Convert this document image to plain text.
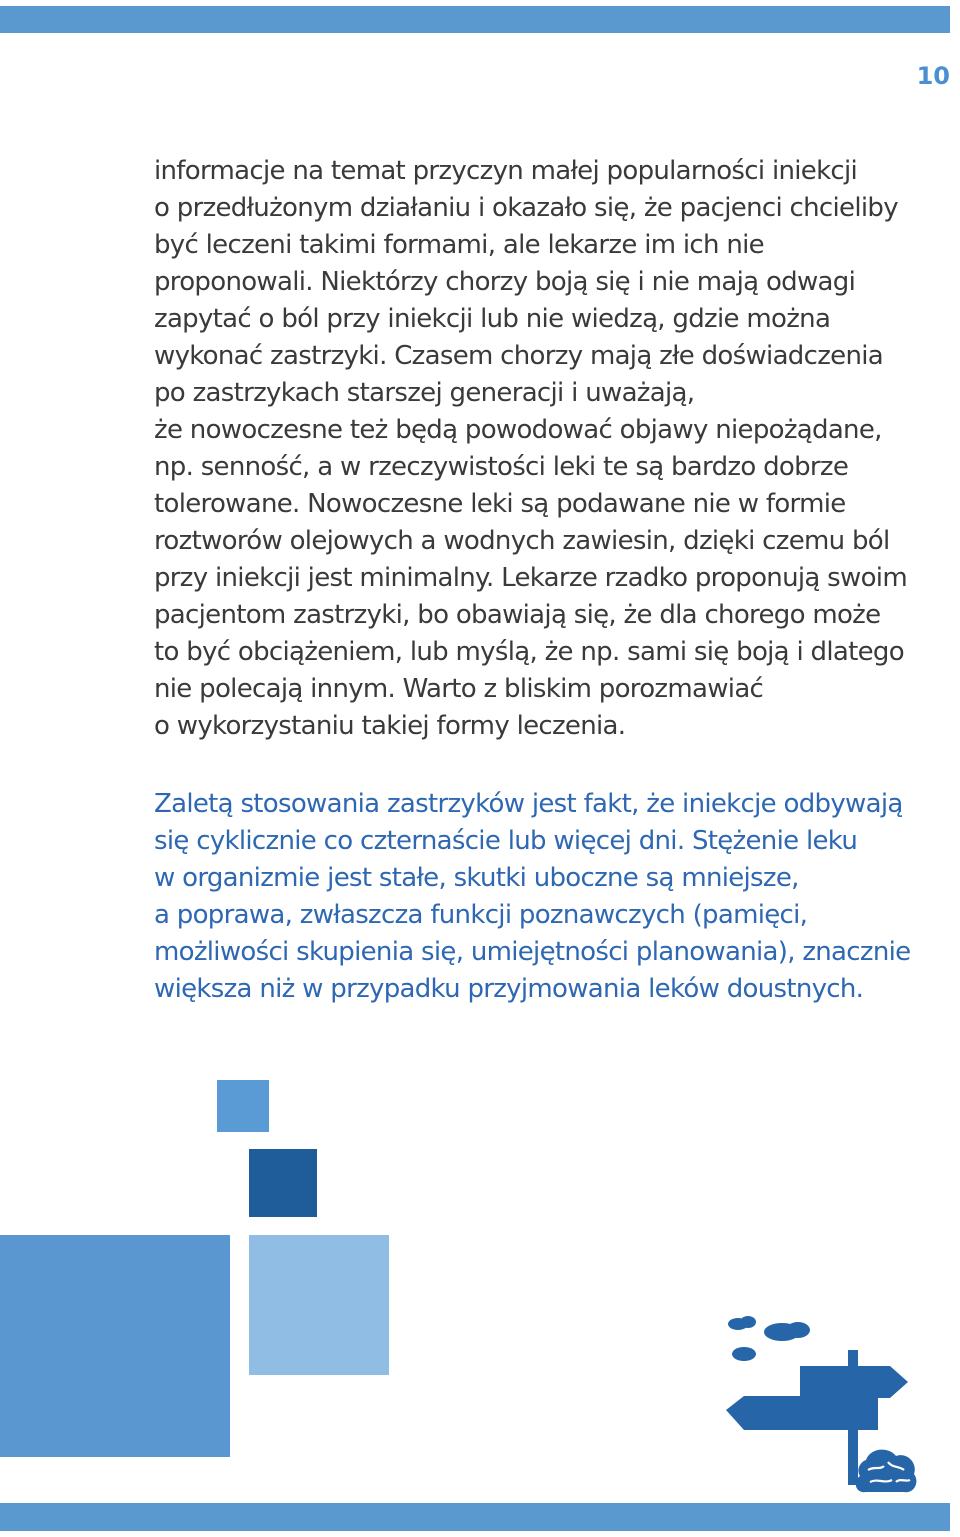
10

informacje na temat przyczyn małej popularności iniekcji
o przedłużonym działaniu i okazało się, że pacjenci chcieliby
być leczeni takimi formami, ale lekarze im ich nie
proponowali. Niektórzy chorzy boją się i nie mają odwagi
zapytać o ból przy iniekcji lub nie wiedzą, gdzie można
wykonać zastrzyki. Czasem chorzy mają złe doświadczenia
po zastrzykach starszej generacji i uważają,
że nowoczesne też będą powodować objawy niepożądane,
np. senność, a w rzeczywistości leki te są bardzo dobrze
tolerowane. Nowoczesne leki są podawane nie w formie
roztworów olejowych a wodnych zawiesin, dzięki czemu ból
przy iniekcji jest minimalny. Lekarze rzadko proponują swoim
pacjentom zastrzyki, bo obawiają się, że dla chorego może
to być obciążeniem, lub myślą, że np. sami się boją i dlatego
nie polecają innym. Warto z bliskim porozmawiać
o wykorzystaniu takiej formy leczenia.

Zaletą stosowania zastrzyków jest fakt, że iniekcje odbywają
się cyklicznie co czternaście lub więcej dni. Stężenie leku
w organizmie jest stałe, skutki uboczne są mniejsze,
a poprawa, zwłaszcza funkcji poznawczych (pamięci,
możliwości skupienia się, umiejętności planowania), znacznie
większa niż w przypadku przyjmowania leków doustnych.
